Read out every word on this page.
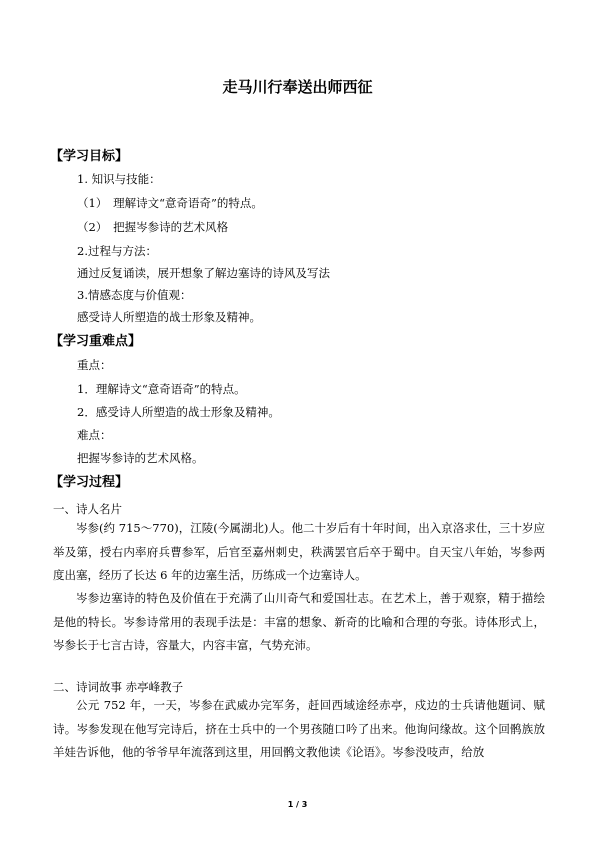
走马川行奉送出师西征
【学习目标】
1. 知识与技能：
（1）　理解诗文“意奇语奇”的特点。
（2）　把握岑参诗的艺术风格
2.过程与方法：
通过反复诵读，展开想象了解边塞诗的诗风及写法
3.情感态度与价值观：
感受诗人所塑造的战士形象及精神。
【学习重难点】
重点：
1．理解诗文“意奇语奇”的特点。
2．感受诗人所塑造的战士形象及精神。
难点：
把握岑参诗的艺术风格。
【学习过程】
一、诗人名片
岑参(约 715～770)，江陵(今属湖北)人。他二十岁后有十年时间，出入京洛求仕，三十岁应举及第，授右内率府兵曹参军，后官至嘉州刺史，秩满罢官后卒于蜀中。自天宝八年始，岑参两度出塞，经历了长达 6 年的边塞生活，历练成一个边塞诗人。
岑参边塞诗的特色及价值在于充满了山川奇气和爱国壮志。在艺术上，善于观察，精于描绘是他的特长。岑参诗常用的表现手法是：丰富的想象、新奇的比喻和合理的夸张。诗体形式上，岑参长于七言古诗，容量大，内容丰富，气势充沛。
二、诗词故事 赤亭峰教子
公元 752 年，一天，岑参在武威办完军务，赶回西域途经赤亭，戍边的士兵请他题词、赋诗。岑参发现在他写完诗后，挤在士兵中的一个男孩随口吟了出来。他询问缘故。这个回鹘族放羊娃告诉他，他的爷爷早年流落到这里，用回鹘文教他读《论语》。岑参没吱声，给放
1 / 3
